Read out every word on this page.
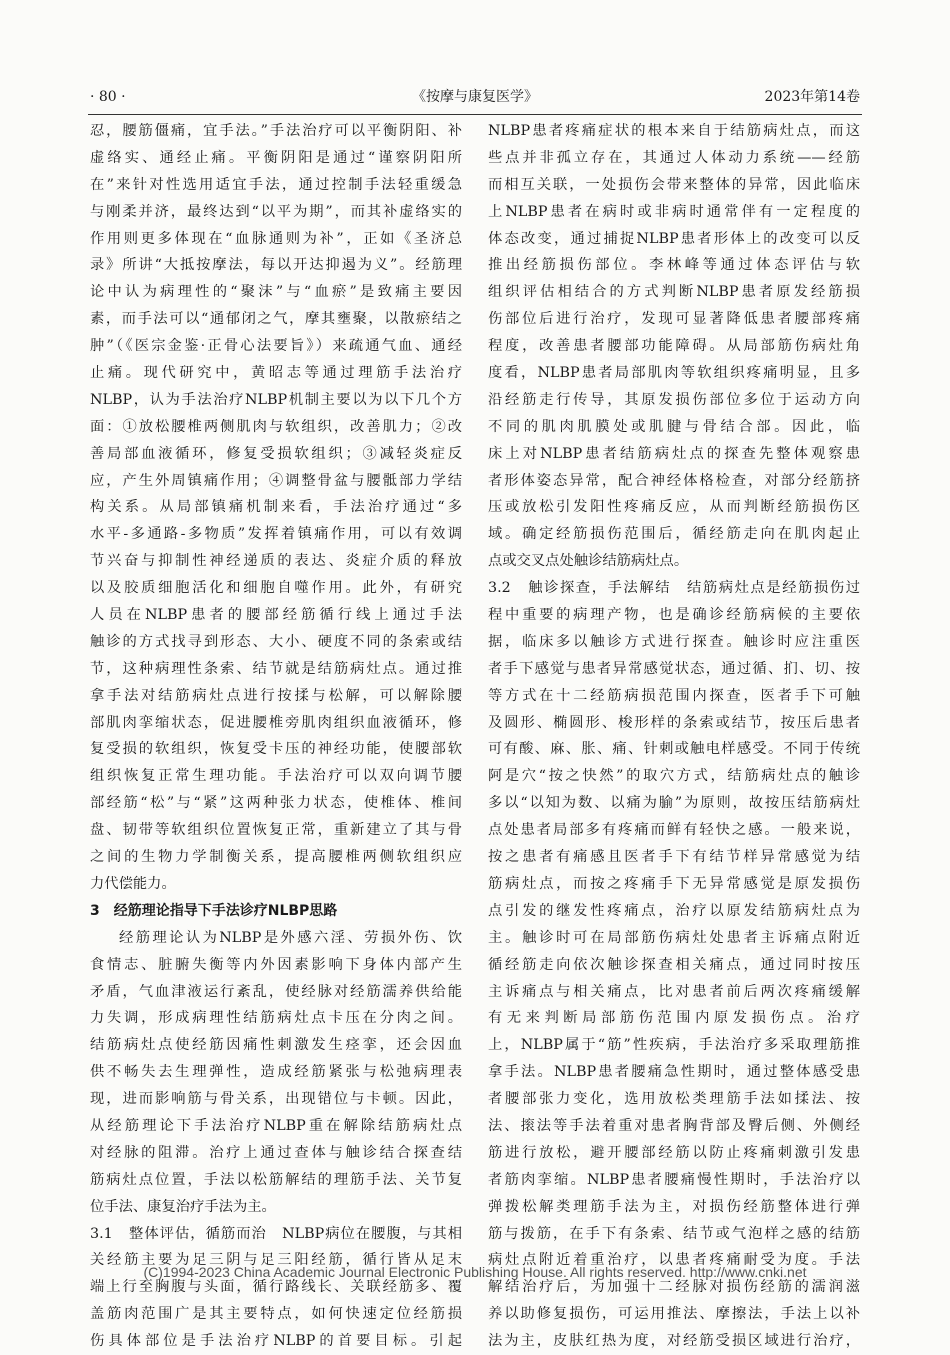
· 80 ·	《按摩与康复医学》	2023年第14卷
忍，腰筋僵痛，宜手法。”手法治疗可以平衡阴阳、补
虚络实、通经止痛。平衡阴阳是通过“谨察阴阳所
在”来针对性选用适宜手法，通过控制手法轻重缓急
与刚柔并济，最终达到“以平为期”，而其补虚络实的
作用则更多体现在“血脉通则为补”，正如《圣济总
录》所讲“大抵按摩法，每以开达抑遏为义”。经筋理
论中认为病理性的“聚沫”与“血瘀”是致痛主要因
素，而手法可以“通郁闭之气，摩其壅聚，以散瘀结之
肿”（《医宗金鉴·正骨心法要旨》）来疏通气血、通经
止痛。现代研究中，黄昭志等通过理筋手法治疗
NLBP，认为手法治疗NLBP机制主要以为以下几个方
面：①放松腰椎两侧肌肉与软组织，改善肌力；②改
善局部血液循环，修复受损软组织；③减轻炎症反
应，产生外周镇痛作用；④调整骨盆与腰骶部力学结
构关系。从局部镇痛机制来看，手法治疗通过“多
水平-多通路-多物质”发挥着镇痛作用，可以有效调
节兴奋与抑制性神经递质的表达、炎症介质的释放
以及胶质细胞活化和细胞自噬作用。此外，有研究
人员在NLBP患者的腰部经筋循行线上通过手法
触诊的方式找寻到形态、大小、硬度不同的条索或结
节，这种病理性条索、结节就是结筋病灶点。通过推
拿手法对结筋病灶点进行按揉与松解，可以解除腰
部肌肉挛缩状态，促进腰椎旁肌肉组织血液循环，修
复受损的软组织，恢复受卡压的神经功能，使腰部软
组织恢复正常生理功能。手法治疗可以双向调节腰
部经筋“松”与“紧”这两种张力状态，使椎体、椎间
盘、韧带等软组织位置恢复正常，重新建立了其与骨
之间的生物力学制衡关系，提高腰椎两侧软组织应
力代偿能力。
3　经筋理论指导下手法诊疗NLBP思路
经筋理论认为NLBP是外感六淫、劳损外伤、饮
食情志、脏腑失衡等内外因素影响下身体内部产生
矛盾，气血津液运行紊乱，使经脉对经筋濡养供给能
力失调，形成病理性结筋病灶点卡压在分肉之间。
结筋病灶点使经筋因痛性刺激发生痉挛，还会因血
供不畅失去生理弹性，造成经筋紧张与松弛病理表
现，进而影响筋与骨关系，出现错位与卡顿。因此，
从经筋理论下手法治疗NLBP重在解除结筋病灶点
对经脉的阻滞。治疗上通过查体与触诊结合探查结
筋病灶点位置，手法以松筋解结的理筋手法、关节复
位手法、康复治疗手法为主。
3.1　整体评估，循筋而治　NLBP病位在腰腹，与其相
关经筋主要为足三阴与足三阳经筋，循行皆从足末
端上行至胸腹与头面，循行路线长、关联经筋多、覆
盖筋肉范围广是其主要特点，如何快速定位经筋损
伤具体部位是手法治疗NLBP的首要目标。引起
NLBP患者疼痛症状的根本来自于结筋病灶点，而这
些点并非孤立存在，其通过人体动力系统——经筋
而相互关联，一处损伤会带来整体的异常，因此临床
上NLBP患者在病时或非病时通常伴有一定程度的
体态改变，通过捕捉NLBP患者形体上的改变可以反
推出经筋损伤部位。李林峰等通过体态评估与软
组织评估相结合的方式判断NLBP患者原发经筋损
伤部位后进行治疗，发现可显著降低患者腰部疼痛
程度，改善患者腰部功能障碍。从局部筋伤病灶角
度看，NLBP患者局部肌肉等软组织疼痛明显，且多
沿经筋走行传导，其原发损伤部位多位于运动方向
不同的肌肉肌膜处或肌腱与骨结合部。因此，临
床上对NLBP患者结筋病灶点的探查先整体观察患
者形体姿态异常，配合神经体格检查，对部分经筋挤
压或放松引发阳性疼痛反应，从而判断经筋损伤区
域。确定经筋损伤范围后，循经筋走向在肌肉起止
点或交叉点处触诊结筋病灶点。
3.2　触诊探查，手法解结　结筋病灶点是经筋损伤过
程中重要的病理产物，也是确诊经筋病候的主要依
据，临床多以触诊方式进行探查。触诊时应注重医
者手下感觉与患者异常感觉状态，通过循、扪、切、按
等方式在十二经筋病损范围内探查，医者手下可触
及圆形、椭圆形、梭形样的条索或结节，按压后患者
可有酸、麻、胀、痛、针刺或触电样感受。不同于传统
阿是穴“按之快然”的取穴方式，结筋病灶点的触诊
多以“以知为数、以痛为腧”为原则，故按压结筋病灶
点处患者局部多有疼痛而鲜有轻快之感。一般来说，
按之患者有痛感且医者手下有结节样异常感觉为结
筋病灶点，而按之疼痛手下无异常感觉是原发损伤
点引发的继发性疼痛点，治疗以原发结筋病灶点为
主。触诊时可在局部筋伤病灶处患者主诉痛点附近
循经筋走向依次触诊探查相关痛点，通过同时按压
主诉痛点与相关痛点，比对患者前后两次疼痛缓解
有无来判断局部筋伤范围内原发损伤点。治疗
上，NLBP属于“筋”性疾病，手法治疗多采取理筋推
拿手法。NLBP患者腰痛急性期时，通过整体感受患
者腰部张力变化，选用放松类理筋手法如揉法、按
法、㨰法等手法着重对患者胸背部及臀后侧、外侧经
筋进行放松，避开腰部经筋以防止疼痛刺激引发患
者筋肉挛缩。NLBP患者腰痛慢性期时，手法治疗以
弹拨松解类理筋手法为主，对损伤经筋整体进行弹
筋与拨筋，在手下有条索、结节或气泡样之感的结筋
病灶点附近着重治疗，以患者疼痛耐受为度。手法
解结治疗后，为加强十二经脉对损伤经筋的濡润滋
养以助修复损伤，可运用推法、摩擦法，手法上以补
法为主，皮肤红热为度，对经筋受损区域进行治疗，
(C)1994-2023 China Academic Journal Electronic Publishing House. All rights reserved. http://www.cnki.net
